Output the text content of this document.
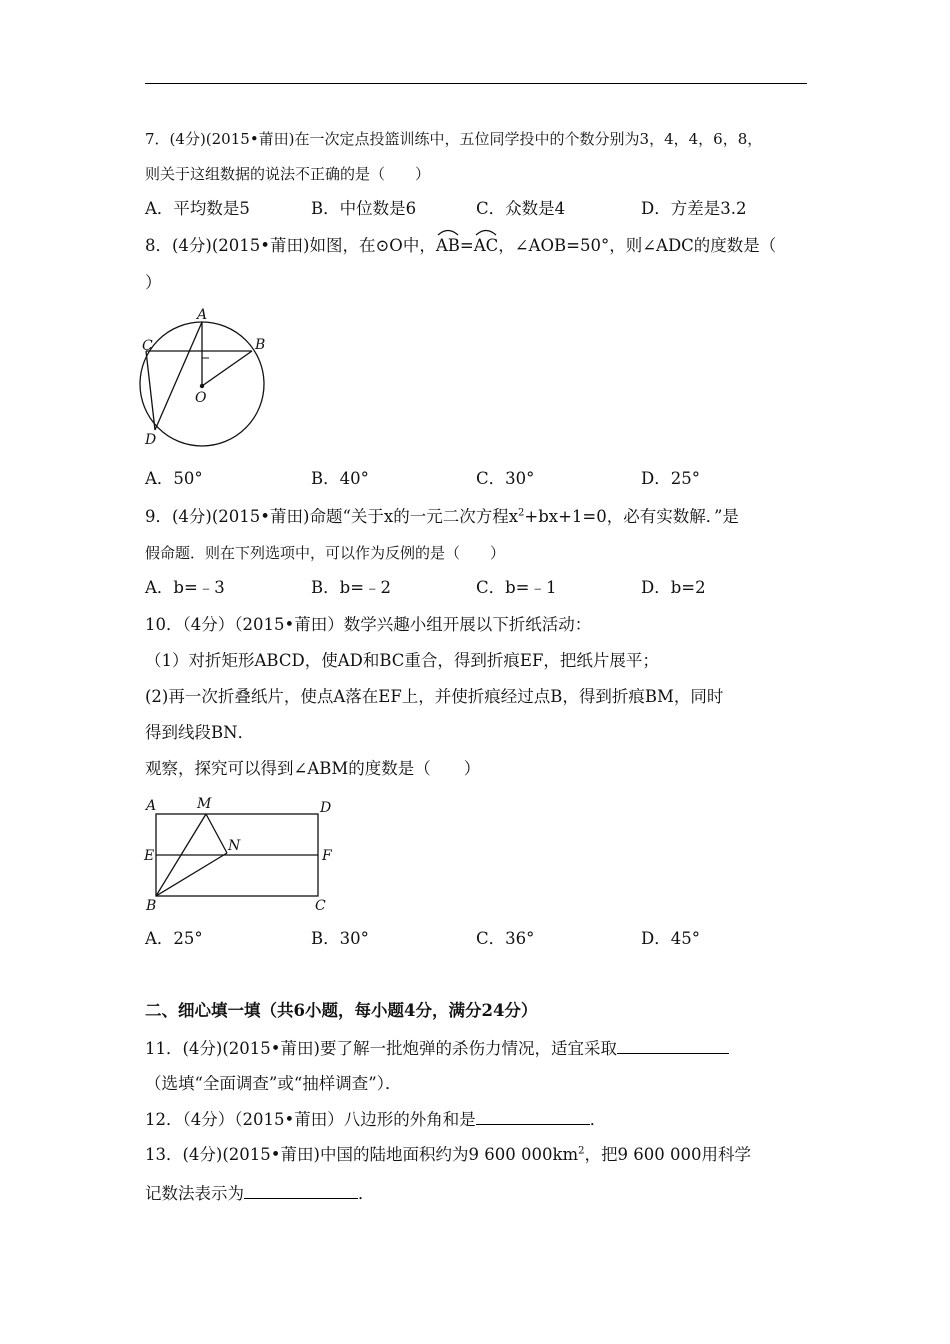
7．(4分)(2015•莆田)在一次定点投篮训练中，五位同学投中的个数分别为3，4，4，6，8，
则关于这组数据的说法不正确的是（　　）
A．平均数是5	B．中位数是6	C．众数是4	D．方差是3.2
8．(4分)(2015•莆田)如图，在⊙O中，
AB=
AC，∠AOB=50°，则∠ADC的度数是（
）
A
B
C
D
O
A．50°	B．40°	C．30°	D．25°
9．(4分)(2015•莆田)命题“关于x的一元二次方程$x^2+bx+1=0$，必有实数解．”是
假命题．则在下列选项中，可以作为反例的是（　　）
A．b=﹣3	B．b=﹣2	C．b=﹣1	D．b=2
10．（4分）（2015•莆田）数学兴趣小组开展以下折纸活动：
（1）对折矩形ABCD，使AD和BC重合，得到折痕EF，把纸片展平；
(2)再一次折叠纸片，使点A落在EF上，并使折痕经过点B，得到折痕BM，同时
得到线段BN．
观察，探究可以得到∠ABM的度数是（　　）
A	M	D
E
N
F
B	C
A．25°	B．30°	C．36°	D．45°
二、细心填一填（共6小题，每小题4分，满分24分）
11．(4分)(2015•莆田)要了解一批炮弹的杀伤力情况，适宜采取
（选填“全面调查”或“抽样调查”）．
12．（4分）（2015•莆田）八边形的外角和是	．
13．(4分)(2015•莆田)中国的陆地面积约为9 600 $000km^2$，把9 600 000用科学
记数法表示为	．
